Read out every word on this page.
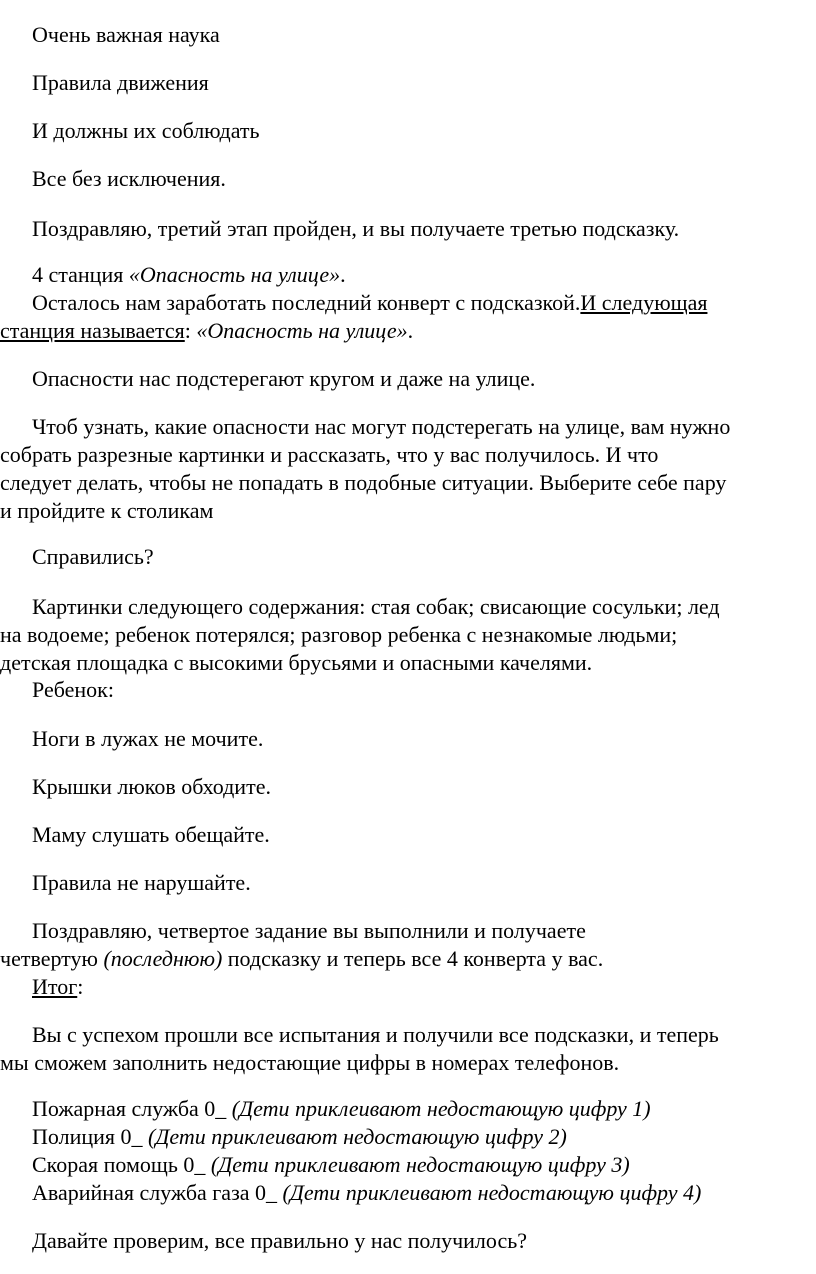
Очень важная наука
Правила движения
И должны их соблюдать
Все без исключения.
Поздравляю, третий этап пройден, и вы получаете третью подсказку.
4 станция «Опасность на улице».
Осталось нам заработать последний конверт с подсказкой.И следующая
станция называется: «Опасность на улице».
Опасности нас подстерегают кругом и даже на улице.
Чтоб узнать, какие опасности нас могут подстерегать на улице, вам нужно
собрать разрезные картинки и рассказать, что у вас получилось. И что
следует делать, чтобы не попадать в подобные ситуации. Выберите себе пару
и пройдите к столикам
Справились?
Картинки следующего содержания: стая собак; свисающие сосульки; лед
на водоеме; ребенок потерялся; разговор ребенка с незнакомые людьми;
детская площадка с высокими брусьями и опасными качелями.
Ребенок:
Ноги в лужах не мочите.
Крышки люков обходите.
Маму слушать обещайте.
Правила не нарушайте.
Поздравляю, четвертое задание вы выполнили и получаете
четвертую (последнюю) подсказку и теперь все 4 конверта у вас.
Итог:
Вы с успехом прошли все испытания и получили все подсказки, и теперь
мы сможем заполнить недостающие цифры в номерах телефонов.
Пожарная служба 0_ (Дети приклеивают недостающую цифру 1)
Полиция 0_ (Дети приклеивают недостающую цифру 2)
Скорая помощь 0_ (Дети приклеивают недостающую цифру 3)
Аварийная служба газа 0_ (Дети приклеивают недостающую цифру 4)
Давайте проверим, все правильно у нас получилось?
